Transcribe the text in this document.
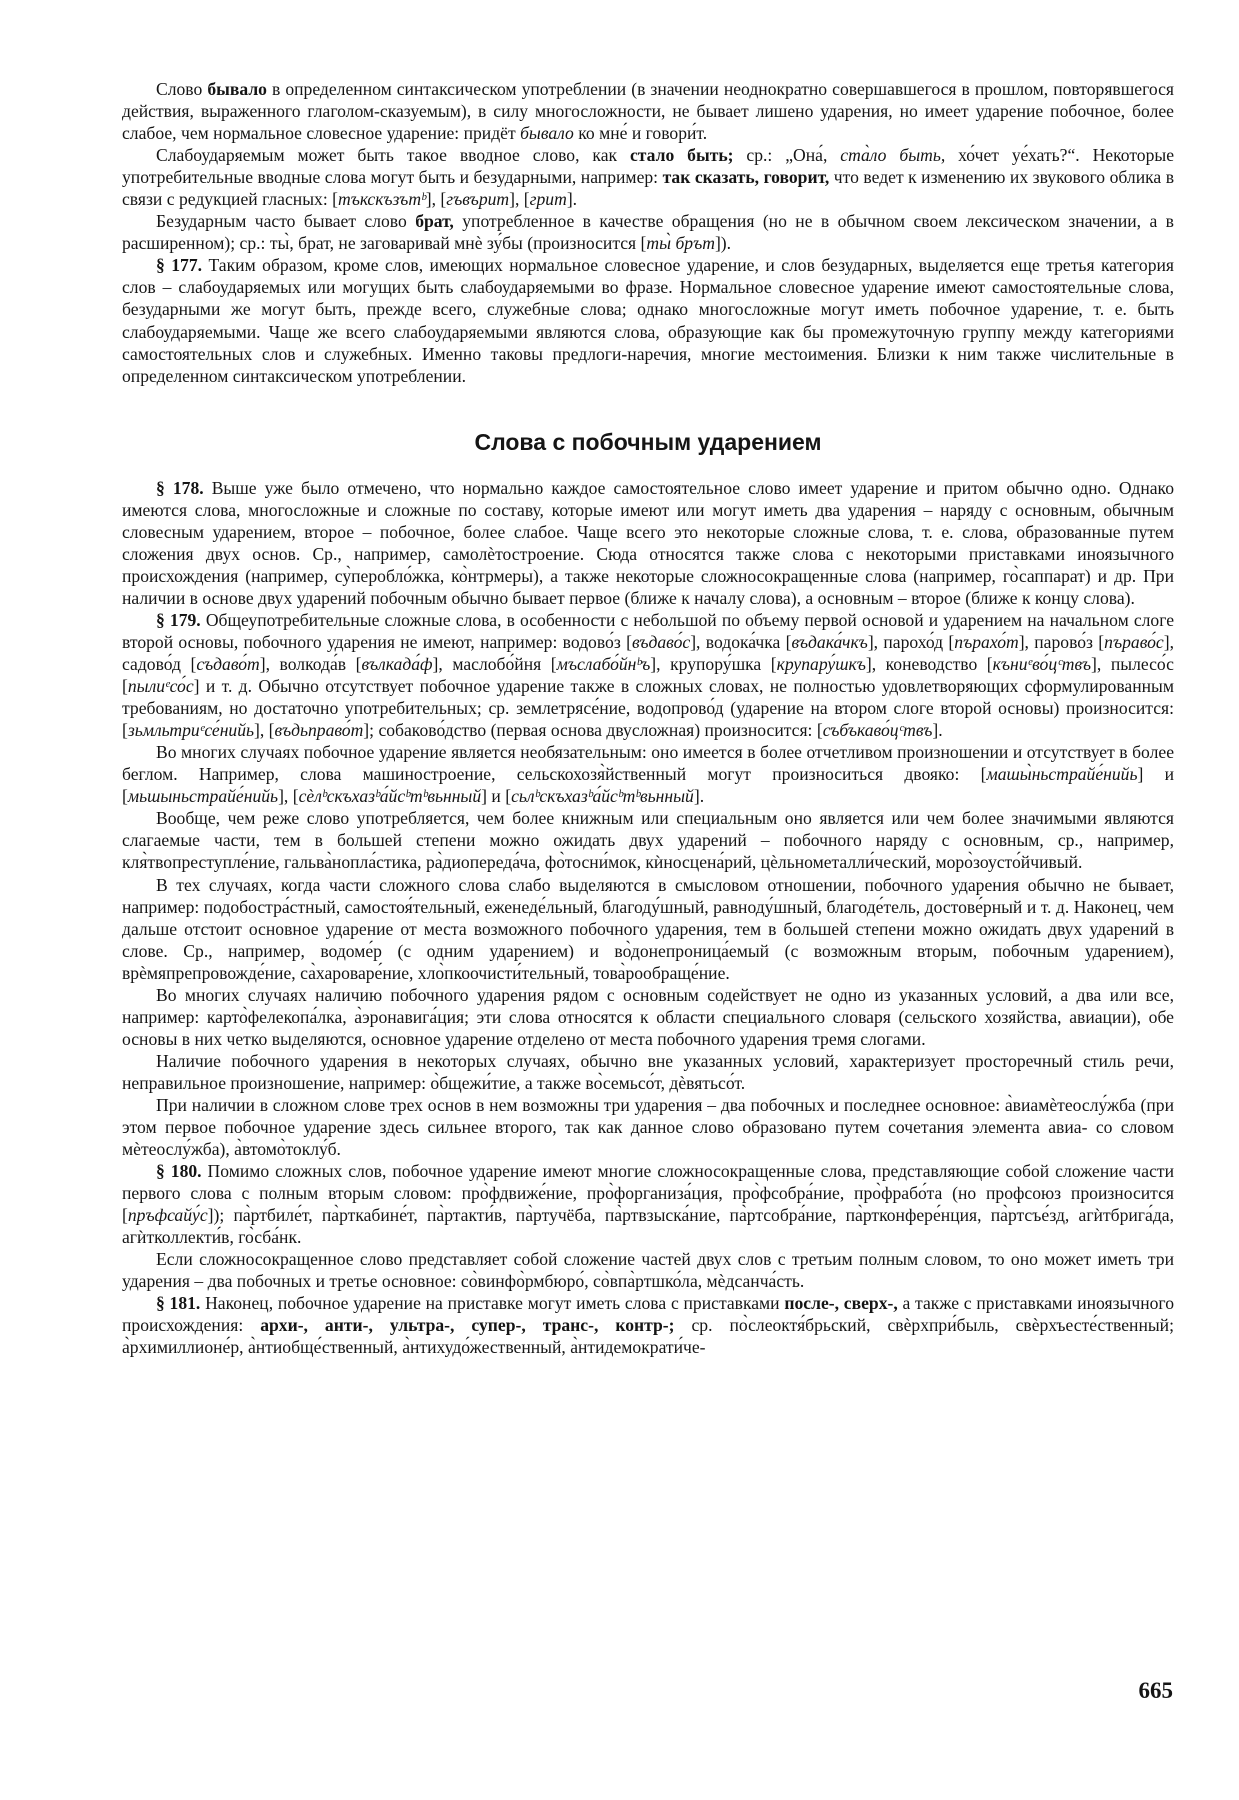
Слово бывало в определенном синтаксическом употреблении (в значении неоднократно совершавшегося в прошлом, повторявшегося действия, выраженного глаголом-сказуемым), в силу многосложности, не бывает лишено ударения, но имеет ударение побочное, более слабое, чем нормальное словесное ударение: придёт бывало ко мне́ и говори́т.

Слабоударяемым может быть такое вводное слово, как стало быть; ср.: „Она́, ста̀ло быть, хо́чет уе́хать?“. Некоторые употребительные вводные слова могут быть и безударными, например: так сказать, говорит, что ведет к изменению их звукового облика в связи с редукцией гласных: [тъкскъзътᵇ], [гъвърит], [грит].

Безударным часто бывает слово брат, употребленное в качестве обращения (но не в обычном своем лексическом значении, а в расширенном); ср.: ты̀, брат, не заговаривай мнѐ зу́бы (произносится [ты̀ брът]).

§ 177. Таким образом, кроме слов, имеющих нормальное словесное ударение, и слов безударных, выделяется еще третья категория слов – слабоударяемых или могущих быть слабоударяемыми во фразе. Нормальное словесное ударение имеют самостоятельные слова, безударными же могут быть, прежде всего, служебные слова; однако многосложные могут иметь побочное ударение, т. е. быть слабоударяемыми. Чаще же всего слабоударяемыми являются слова, образующие как бы промежуточную группу между категориями самостоятельных слов и служебных. Именно таковы предлоги-наречия, многие местоимения. Близки к ним также числительные в определенном синтаксическом употреблении.

Слова с побочным ударением

§ 178. Выше уже было отмечено, что нормально каждое самостоятельное слово имеет ударение и притом обычно одно. Однако имеются слова, многосложные и сложные по составу, которые имеют или могут иметь два ударения – наряду с основным, обычным словесным ударением, второе – побочное, более слабое. Чаще всего это некоторые сложные слова, т. е. слова, образованные путем сложения двух основ. Ср., например, самолѐтостроение. Сюда относятся также слова с некоторыми приставками иноязычного происхождения (например, су̀перобло́жка, ко̀нтрмеры), а также некоторые сложносокращенные слова (например, го̀саппарат) и др. При наличии в основе двух ударений побочным обычно бывает первое (ближе к началу слова), а основным – второе (ближе к концу слова).

§ 179. Общеупотребительные сложные слова, в особенности с небольшой по объему первой основой и ударением на начальном слоге второй основы, побочного ударения не имеют, например: водово́з [въдаво́с], водока́чка [въдака́чкъ], парохо́д [пърахо́т], парово́з [пъраво́с], садово́д [съдаво́т], волкода́в [вълкада́ф], маслобо́йня [мъслабо́йнᵇъ], крупору́шка [крупару́шкъ], коневодство [кънuᵉво́цᶜтвъ], пылесо́с [пылuᵉсо́с] и т. д. Обычно отсутствует побочное ударение также в сложных словах, не полностью удовлетворяющих сформулированным требованиям, но достаточно употребительных; ср. землетрясе́ние, водопрово́д (ударение на втором слоге второй основы) произносится: [зьмльтриᵉсе́нийь], [въдьправо́т]; собаково́дство (первая основа двусложная) произносится: [събъкаво́цᶜтвъ].

Во многих случаях побочное ударение является необязательным: оно имеется в более отчетливом произношении и отсутствует в более беглом. Например, слова машиностроение, сельскохозя̀йственный могут произноситься двояко: [машы̀ньстрайе́нийь] и [мьшыньстрайе́нийь], [сѐлᵇскъхазᵇа́йсᵇтᵇвьнный] и [сьлᵇскъхазᵇа́йсᵇтᵇвьнный].

Вообще, чем реже слово употребляется, чем более книжным или специальным оно является или чем более значимыми являются слагаемые части, тем в большей степени можно ожидать двух ударений – побочного наряду с основным, ср., например, кля̀твопреступле́ние, гальва̀нопла́стика, ра̀диопереда́ча, фо̀тосни́мок, кѝносцена́рий, цѐльнометалли́ческий, моро̀зоусто́йчивый.

В тех случаях, когда части сложного слова слабо выделяются в смысловом отношении, побочного ударения обычно не бывает, например: подобостра́стный, самостоя́тельный, еженеде́льный, благоду́шный, равноду́шный, благоде́тель, достове́рный и т. д. Наконец, чем дальше отстоит основное ударение от места возможного побочного ударения, тем в большей степени можно ожидать двух ударений в слове. Ср., например, водоме́р (с одним ударением) и во̀донепроница́емый (с возможным вторым, побочным ударением), врѐмяпрепровожде́ние, са̀хароваре́ние, хло̀пкоочисти́тельный, това̀рообраще́ние.

Во многих случаях наличию побочного ударения рядом с основным содействует не одно из указанных условий, а два или все, например: карто̀фелекопа́лка, а̀эронавига́ция; эти слова относятся к области специального словаря (сельского хозяйства, авиации), обе основы в них четко выделяются, основное ударение отделено от места побочного ударения тремя слогами.

Наличие побочного ударения в некоторых случаях, обычно вне указанных условий, характеризует просторечный стиль речи, неправильное произношение, например: о̀бщежи́тие, а также во̀семьсо́т, дѐвятьсо́т.

При наличии в сложном слове трех основ в нем возможны три ударения – два побочных и последнее основное: а̀виамѐтеослу́жба (при этом первое побочное ударение здесь сильнее второго, так как данное слово образовано путем сочетания элемента авиа- со словом мѐтеослу́жба), а̀втомо̀токлу́б.

§ 180. Помимо сложных слов, побочное ударение имеют многие сложносокращенные слова, представляющие собой сложение части первого слова с полным вторым словом: про̀фдвиже́ние, про̀форганиза́ция, про̀фсобра́ние, про̀фрабо́та (но профсоюз произносится [пръфсайу́с]); па̀ртбиле́т, па̀рткабине́т, па̀ртакти́в, па̀ртучёба, па̀ртвзыска́ние, па̀ртсобра́ние, па̀ртконфере́нция, па̀ртсъе́зд, агѝтбрига́да, агѝтколлекти́в, го̀сба́нк.

Если сложносокращенное слово представляет собой сложение частей двух слов с третьим полным словом, то оно может иметь три ударения – два побочных и третье основное: со̀винфо̀рмбюро́, со̀впа̀ртшко́ла, мѐдсанча́сть.

§ 181. Наконец, побочное ударение на приставке могут иметь слова с приставками после-, сверх-, а также с приставками иноязычного происхождения: архи-, анти-, ультра-, супер-, транс-, контр-; ср. по̀слеоктя́брьский, свѐрхпри́быль, свѐрхъесте́ственный; а̀рхимиллионе́р, а̀нтиобще́ственный, а̀нтихудо́жественный, а̀нтидемократи́че-

665
